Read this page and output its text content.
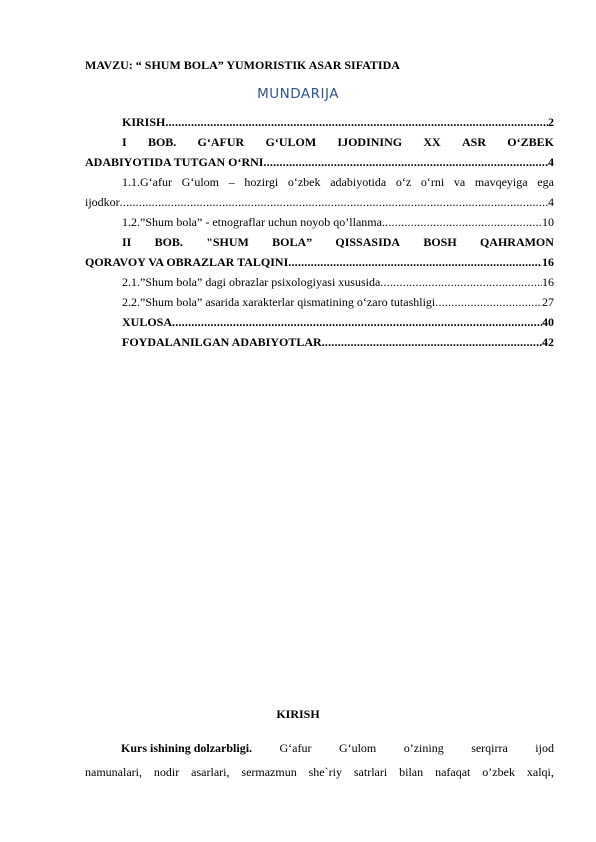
MAVZU: “ SHUM BOLA” YUMORISTIK ASAR SIFATIDA
MUNDARIJA
KIRISH .....	2
I BOB. G‘AFUR G‘ULOM IJODINING XX ASR O‘ZBEK
ADABIYOTIDA TUTGAN O‘RNI .....	4
1.1.G‘afur G‘ulom – hozirgi o‘zbek adabiyotida o‘z o‘rni va mavqeyiga ega
ijodkor .....	4
1.2.”Shum bola” - etnograflar uchun noyob qo’llanma .....	10
II BOB. "SHUM BOLA” QISSASIDA BOSH QAHRAMON
QORAVOY VA OBRAZLAR TALQINI .....	16
2.1.”Shum bola” dagi obrazlar psixologiyasi xususida .....	16
2.2.”Shum bola” asarida xarakterlar qismatining o‘zaro tutashligi .....	27
XULOSA .....	40
FOYDALANILGAN ADABIYOTLAR .....	42
KIRISH
Kurs ishining dolzarbligi. G‘afur G‘ulom o’zining serqirra ijod
namunalari, nodir asarlari, sermazmun she`riy satrlari bilan nafaqat o’zbek xalqi,
